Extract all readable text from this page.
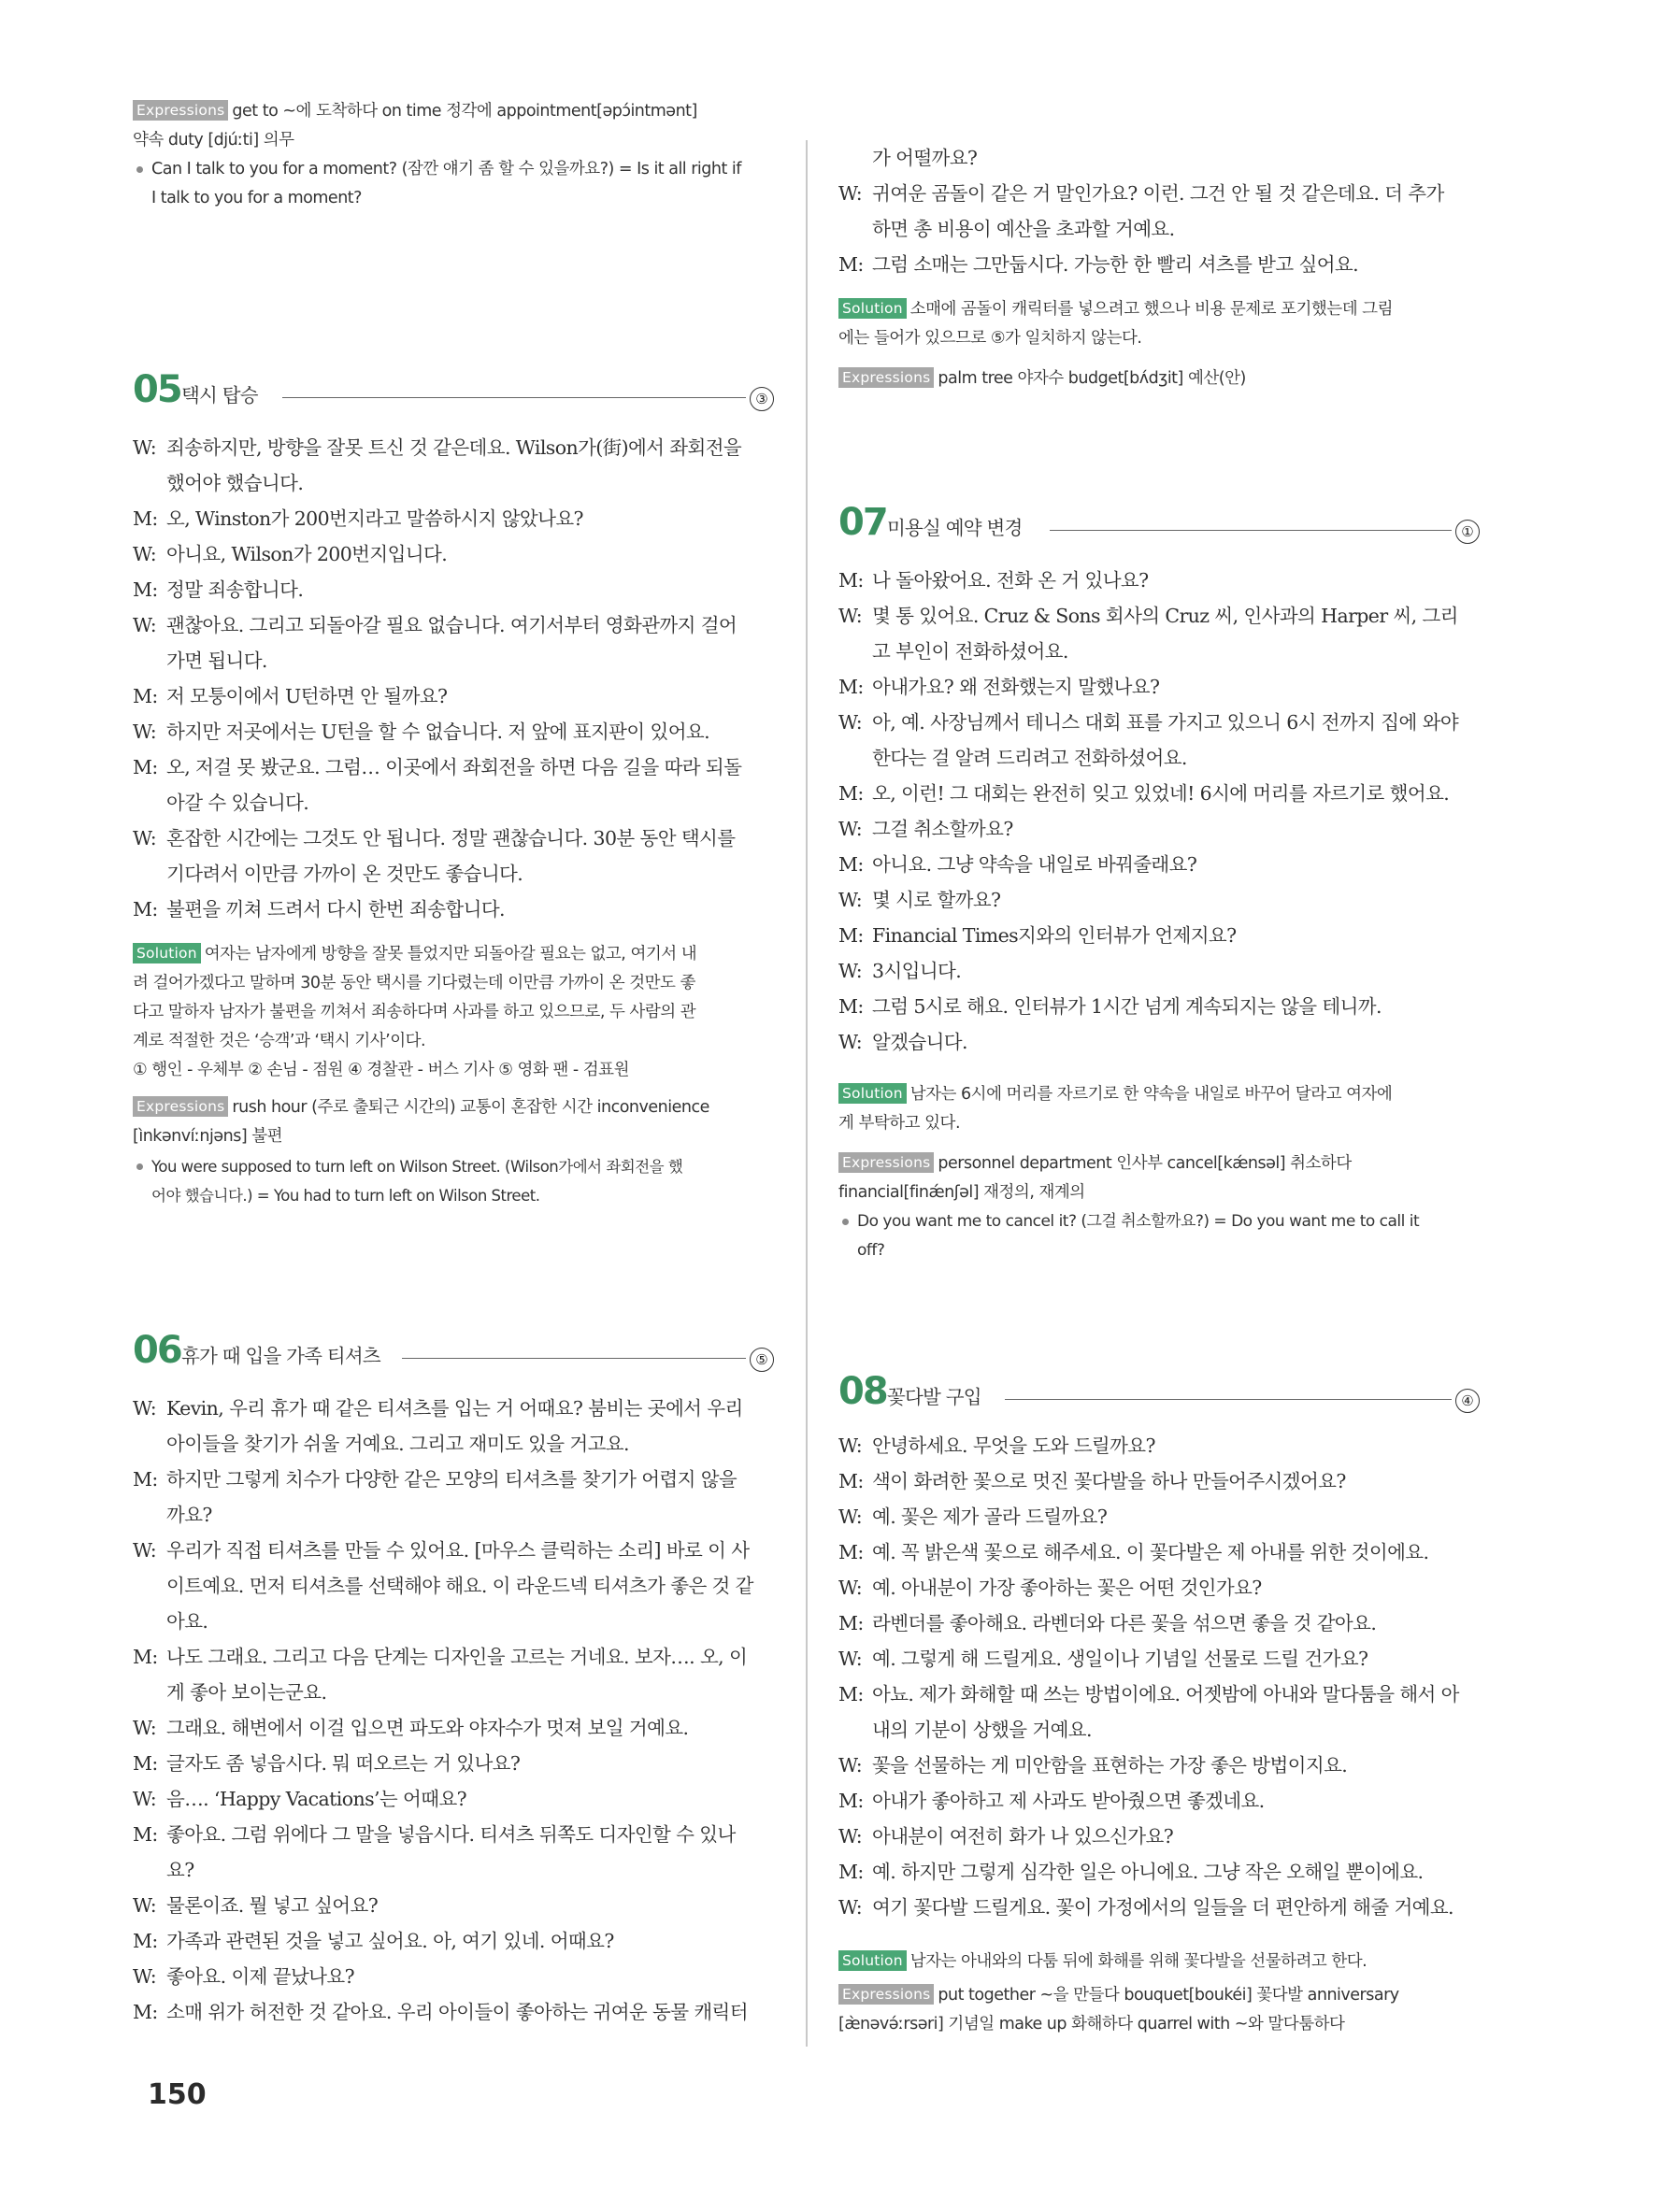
Expressions get to ~에 도착하다 on time 정각에 appointment[əpɔ́intmənt]
약속 duty [djúːti] 의무
Can I talk to you for a moment? (잠깐 얘기 좀 할 수 있을까요?) = Is it all right if
I talk to you for a moment?
05 택시 탑승	③
W: 죄송하지만, 방향을 잘못 트신 것 같은데요. Wilson가(街)에서 좌회전을
했어야 했습니다.
M: 오, Winston가 200번지라고 말씀하시지 않았나요?
W: 아니요, Wilson가 200번지입니다.
M: 정말 죄송합니다.
W: 괜찮아요. 그리고 되돌아갈 필요 없습니다. 여기서부터 영화관까지 걸어
가면 됩니다.
M: 저 모퉁이에서 U턴하면 안 될까요?
W: 하지만 저곳에서는 U턴을 할 수 없습니다. 저 앞에 표지판이 있어요.
M: 오, 저걸 못 봤군요. 그럼… 이곳에서 좌회전을 하면 다음 길을 따라 되돌
아갈 수 있습니다.
W: 혼잡한 시간에는 그것도 안 됩니다. 정말 괜찮습니다. 30분 동안 택시를
기다려서 이만큼 가까이 온 것만도 좋습니다.
M: 불편을 끼쳐 드려서 다시 한번 죄송합니다.
Solution 여자는 남자에게 방향을 잘못 틀었지만 되돌아갈 필요는 없고, 여기서 내
려 걸어가겠다고 말하며 30분 동안 택시를 기다렸는데 이만큼 가까이 온 것만도 좋
다고 말하자 남자가 불편을 끼쳐서 죄송하다며 사과를 하고 있으므로, 두 사람의 관
계로 적절한 것은 ‘승객’과 ‘택시 기사’이다.
① 행인 - 우체부 ② 손님 - 점원 ④ 경찰관 - 버스 기사 ⑤ 영화 팬 - 검표원
Expressions rush hour (주로 출퇴근 시간의) 교통이 혼잡한 시간 inconvenience
[ìnkənvíːnjəns] 불편
You were supposed to turn left on Wilson Street. (Wilson가에서 좌회전을 했
어야 했습니다.) = You had to turn left on Wilson Street.
06 휴가 때 입을 가족 티셔츠	⑤
W: Kevin, 우리 휴가 때 같은 티셔츠를 입는 거 어때요? 붐비는 곳에서 우리
아이들을 찾기가 쉬울 거예요. 그리고 재미도 있을 거고요.
M: 하지만 그렇게 치수가 다양한 같은 모양의 티셔츠를 찾기가 어렵지 않을
까요?
W: 우리가 직접 티셔츠를 만들 수 있어요. [마우스 클릭하는 소리] 바로 이 사
이트예요. 먼저 티셔츠를 선택해야 해요. 이 라운드넥 티셔츠가 좋은 것 같
아요.
M: 나도 그래요. 그리고 다음 단계는 디자인을 고르는 거네요. 보자…. 오, 이
게 좋아 보이는군요.
W: 그래요. 해변에서 이걸 입으면 파도와 야자수가 멋져 보일 거예요.
M: 글자도 좀 넣읍시다. 뭐 떠오르는 거 있나요?
W: 음…. ‘Happy Vacations’는 어때요?
M: 좋아요. 그럼 위에다 그 말을 넣읍시다. 티셔츠 뒤쪽도 디자인할 수 있나
요?
W: 물론이죠. 뭘 넣고 싶어요?
M: 가족과 관련된 것을 넣고 싶어요. 아, 여기 있네. 어때요?
W: 좋아요. 이제 끝났나요?
M: 소매 위가 허전한 것 같아요. 우리 아이들이 좋아하는 귀여운 동물 캐릭터
150
가 어떨까요?
W: 귀여운 곰돌이 같은 거 말인가요? 이런. 그건 안 될 것 같은데요. 더 추가
하면 총 비용이 예산을 초과할 거예요.
M: 그럼 소매는 그만둡시다. 가능한 한 빨리 셔츠를 받고 싶어요.
Solution 소매에 곰돌이 캐릭터를 넣으려고 했으나 비용 문제로 포기했는데 그림
에는 들어가 있으므로 ⑤가 일치하지 않는다.
Expressions palm tree 야자수 budget[bʌ́dʒit] 예산(안)
07 미용실 예약 변경	①
M: 나 돌아왔어요. 전화 온 거 있나요?
W: 몇 통 있어요. Cruz & Sons 회사의 Cruz 씨, 인사과의 Harper 씨, 그리
고 부인이 전화하셨어요.
M: 아내가요? 왜 전화했는지 말했나요?
W: 아, 예. 사장님께서 테니스 대회 표를 가지고 있으니 6시 전까지 집에 와야
한다는 걸 알려 드리려고 전화하셨어요.
M: 오, 이런! 그 대회는 완전히 잊고 있었네! 6시에 머리를 자르기로 했어요.
W: 그걸 취소할까요?
M: 아니요. 그냥 약속을 내일로 바꿔줄래요?
W: 몇 시로 할까요?
M: Financial Times지와의 인터뷰가 언제지요?
W: 3시입니다.
M: 그럼 5시로 해요. 인터뷰가 1시간 넘게 계속되지는 않을 테니까.
W: 알겠습니다.
Solution 남자는 6시에 머리를 자르기로 한 약속을 내일로 바꾸어 달라고 여자에
게 부탁하고 있다.
Expressions personnel department 인사부 cancel[kǽnsəl] 취소하다
financial[finǽnʃəl] 재정의, 재계의
Do you want me to cancel it? (그걸 취소할까요?) = Do you want me to call it
off?
08 꽃다발 구입	④
W: 안녕하세요. 무엇을 도와 드릴까요?
M: 색이 화려한 꽃으로 멋진 꽃다발을 하나 만들어주시겠어요?
W: 예. 꽃은 제가 골라 드릴까요?
M: 예. 꼭 밝은색 꽃으로 해주세요. 이 꽃다발은 제 아내를 위한 것이에요.
W: 예. 아내분이 가장 좋아하는 꽃은 어떤 것인가요?
M: 라벤더를 좋아해요. 라벤더와 다른 꽃을 섞으면 좋을 것 같아요.
W: 예. 그렇게 해 드릴게요. 생일이나 기념일 선물로 드릴 건가요?
M: 아뇨. 제가 화해할 때 쓰는 방법이에요. 어젯밤에 아내와 말다툼을 해서 아
내의 기분이 상했을 거예요.
W: 꽃을 선물하는 게 미안함을 표현하는 가장 좋은 방법이지요.
M: 아내가 좋아하고 제 사과도 받아줬으면 좋겠네요.
W: 아내분이 여전히 화가 나 있으신가요?
M: 예. 하지만 그렇게 심각한 일은 아니에요. 그냥 작은 오해일 뿐이에요.
W: 여기 꽃다발 드릴게요. 꽃이 가정에서의 일들을 더 편안하게 해줄 거예요.
Solution 남자는 아내와의 다툼 뒤에 화해를 위해 꽃다발을 선물하려고 한다.
Expressions put together ~을 만들다 bouquet[boukéi] 꽃다발 anniversary
[æ̀nəvə́ːrsəri] 기념일 make up 화해하다 quarrel with ~와 말다툼하다
